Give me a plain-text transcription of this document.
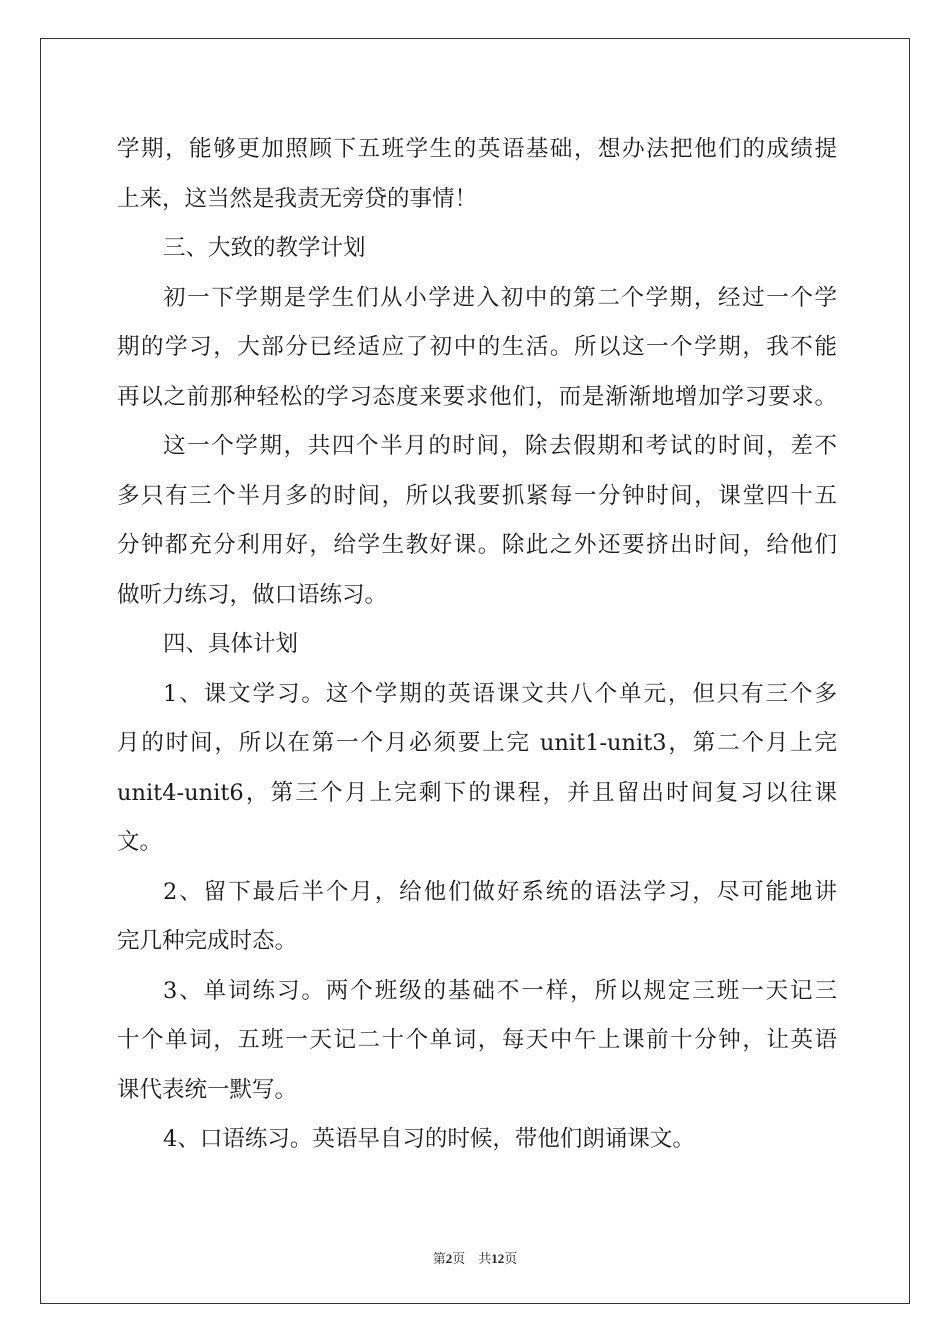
学期，能够更加照顾下五班学生的英语基础，想办法把他们的成绩提
上来，这当然是我责无旁贷的事情！
三、大致的教学计划
初一下学期是学生们从小学进入初中的第二个学期，经过一个学
期的学习，大部分已经适应了初中的生活。所以这一个学期，我不能
再以之前那种轻松的学习态度来要求他们，而是渐渐地增加学习要求。
这一个学期，共四个半月的时间，除去假期和考试的时间，差不
多只有三个半月多的时间，所以我要抓紧每一分钟时间，课堂四十五
分钟都充分利用好，给学生教好课。除此之外还要挤出时间，给他们
做听力练习，做口语练习。
四、具体计划
1、课文学习。这个学期的英语课文共八个单元，但只有三个多
月的时间，所以在第一个月必须要上完 unit1-unit3，第二个月上完
unit4-unit6，第三个月上完剩下的课程，并且留出时间复习以往课
文。
2、留下最后半个月，给他们做好系统的语法学习，尽可能地讲
完几种完成时态。
3、单词练习。两个班级的基础不一样，所以规定三班一天记三
十个单词，五班一天记二十个单词，每天中午上课前十分钟，让英语
课代表统一默写。
4、口语练习。英语早自习的时候，带他们朗诵课文。
第2页　共12页
